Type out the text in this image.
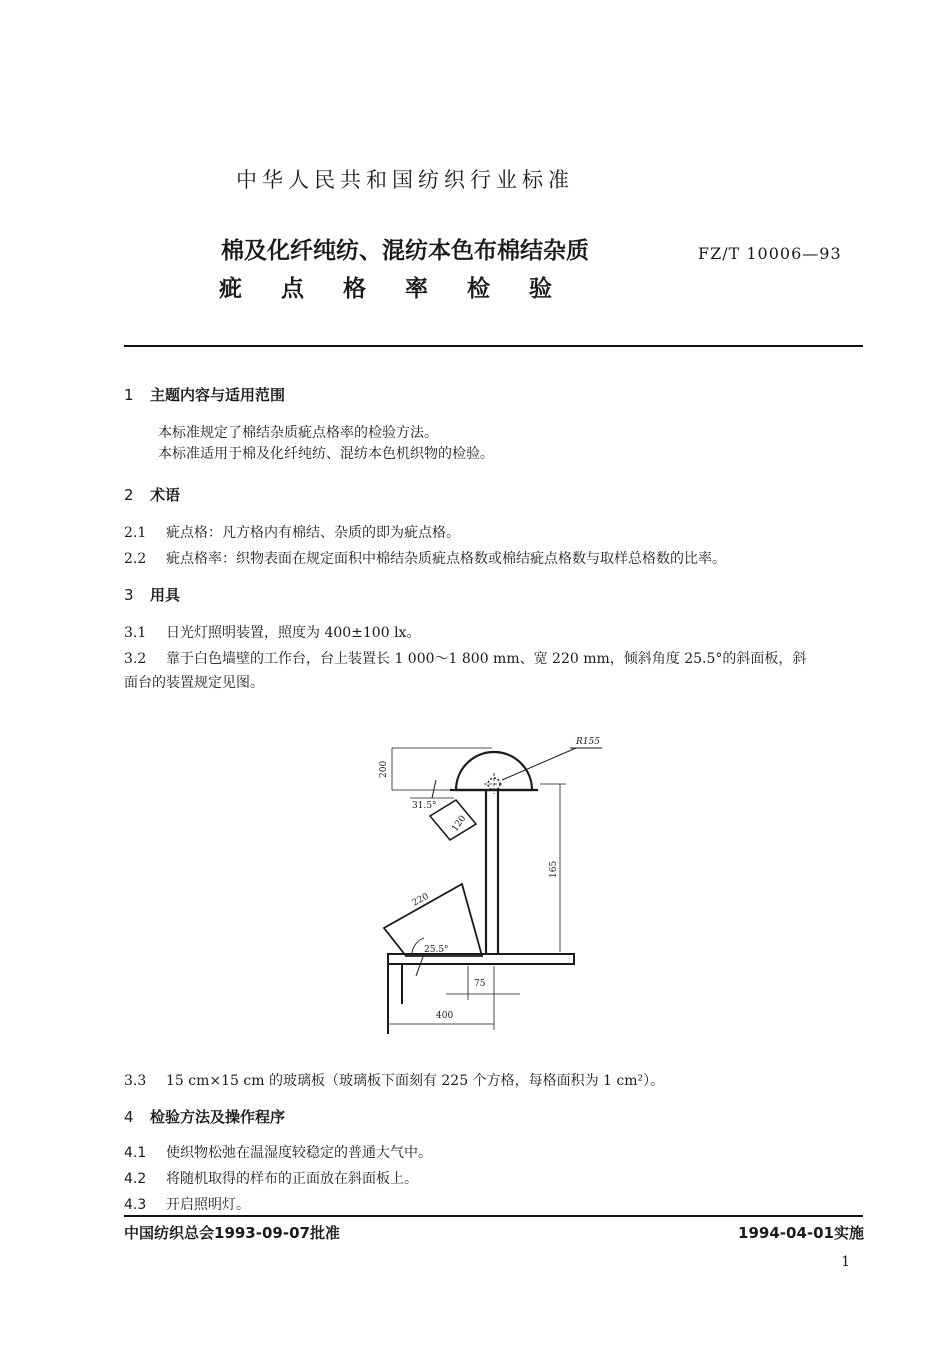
中华人民共和国纺织行业标准
棉及化纤纯纺、混纺本色布棉结杂质
疵点格率检验
FZ/T 10006—93
1 主题内容与适用范围
本标准规定了棉结杂质疵点格率的检验方法。
本标准适用于棉及化纤纯纺、混纺本色机织物的检验。
2 术语
2.1 疵点格：凡方格内有棉结、杂质的即为疵点格。
2.2 疵点格率：织物表面在规定面积中棉结杂质疵点格数或棉结疵点格数与取样总格数的比率。
3 用具
3.1 日光灯照明装置，照度为 400±100 lx。
3.2 靠于白色墙壁的工作台，台上装置长 1 000～1 800 mm、宽 220 mm，倾斜角度 25.5°的斜面板，斜
面台的装置规定见图。
R155
200
31.5°
120
165
220
25.5°
75
400
3.3 15 cm×15 cm 的玻璃板（玻璃板下面刻有 225 个方格，每格面积为 1 cm²）。
4 检验方法及操作程序
4.1 使织物松弛在温湿度较稳定的普通大气中。
4.2 将随机取得的样布的正面放在斜面板上。
4.3 开启照明灯。
中国纺织总会1993-09-07批准	1994-04-01实施
1
